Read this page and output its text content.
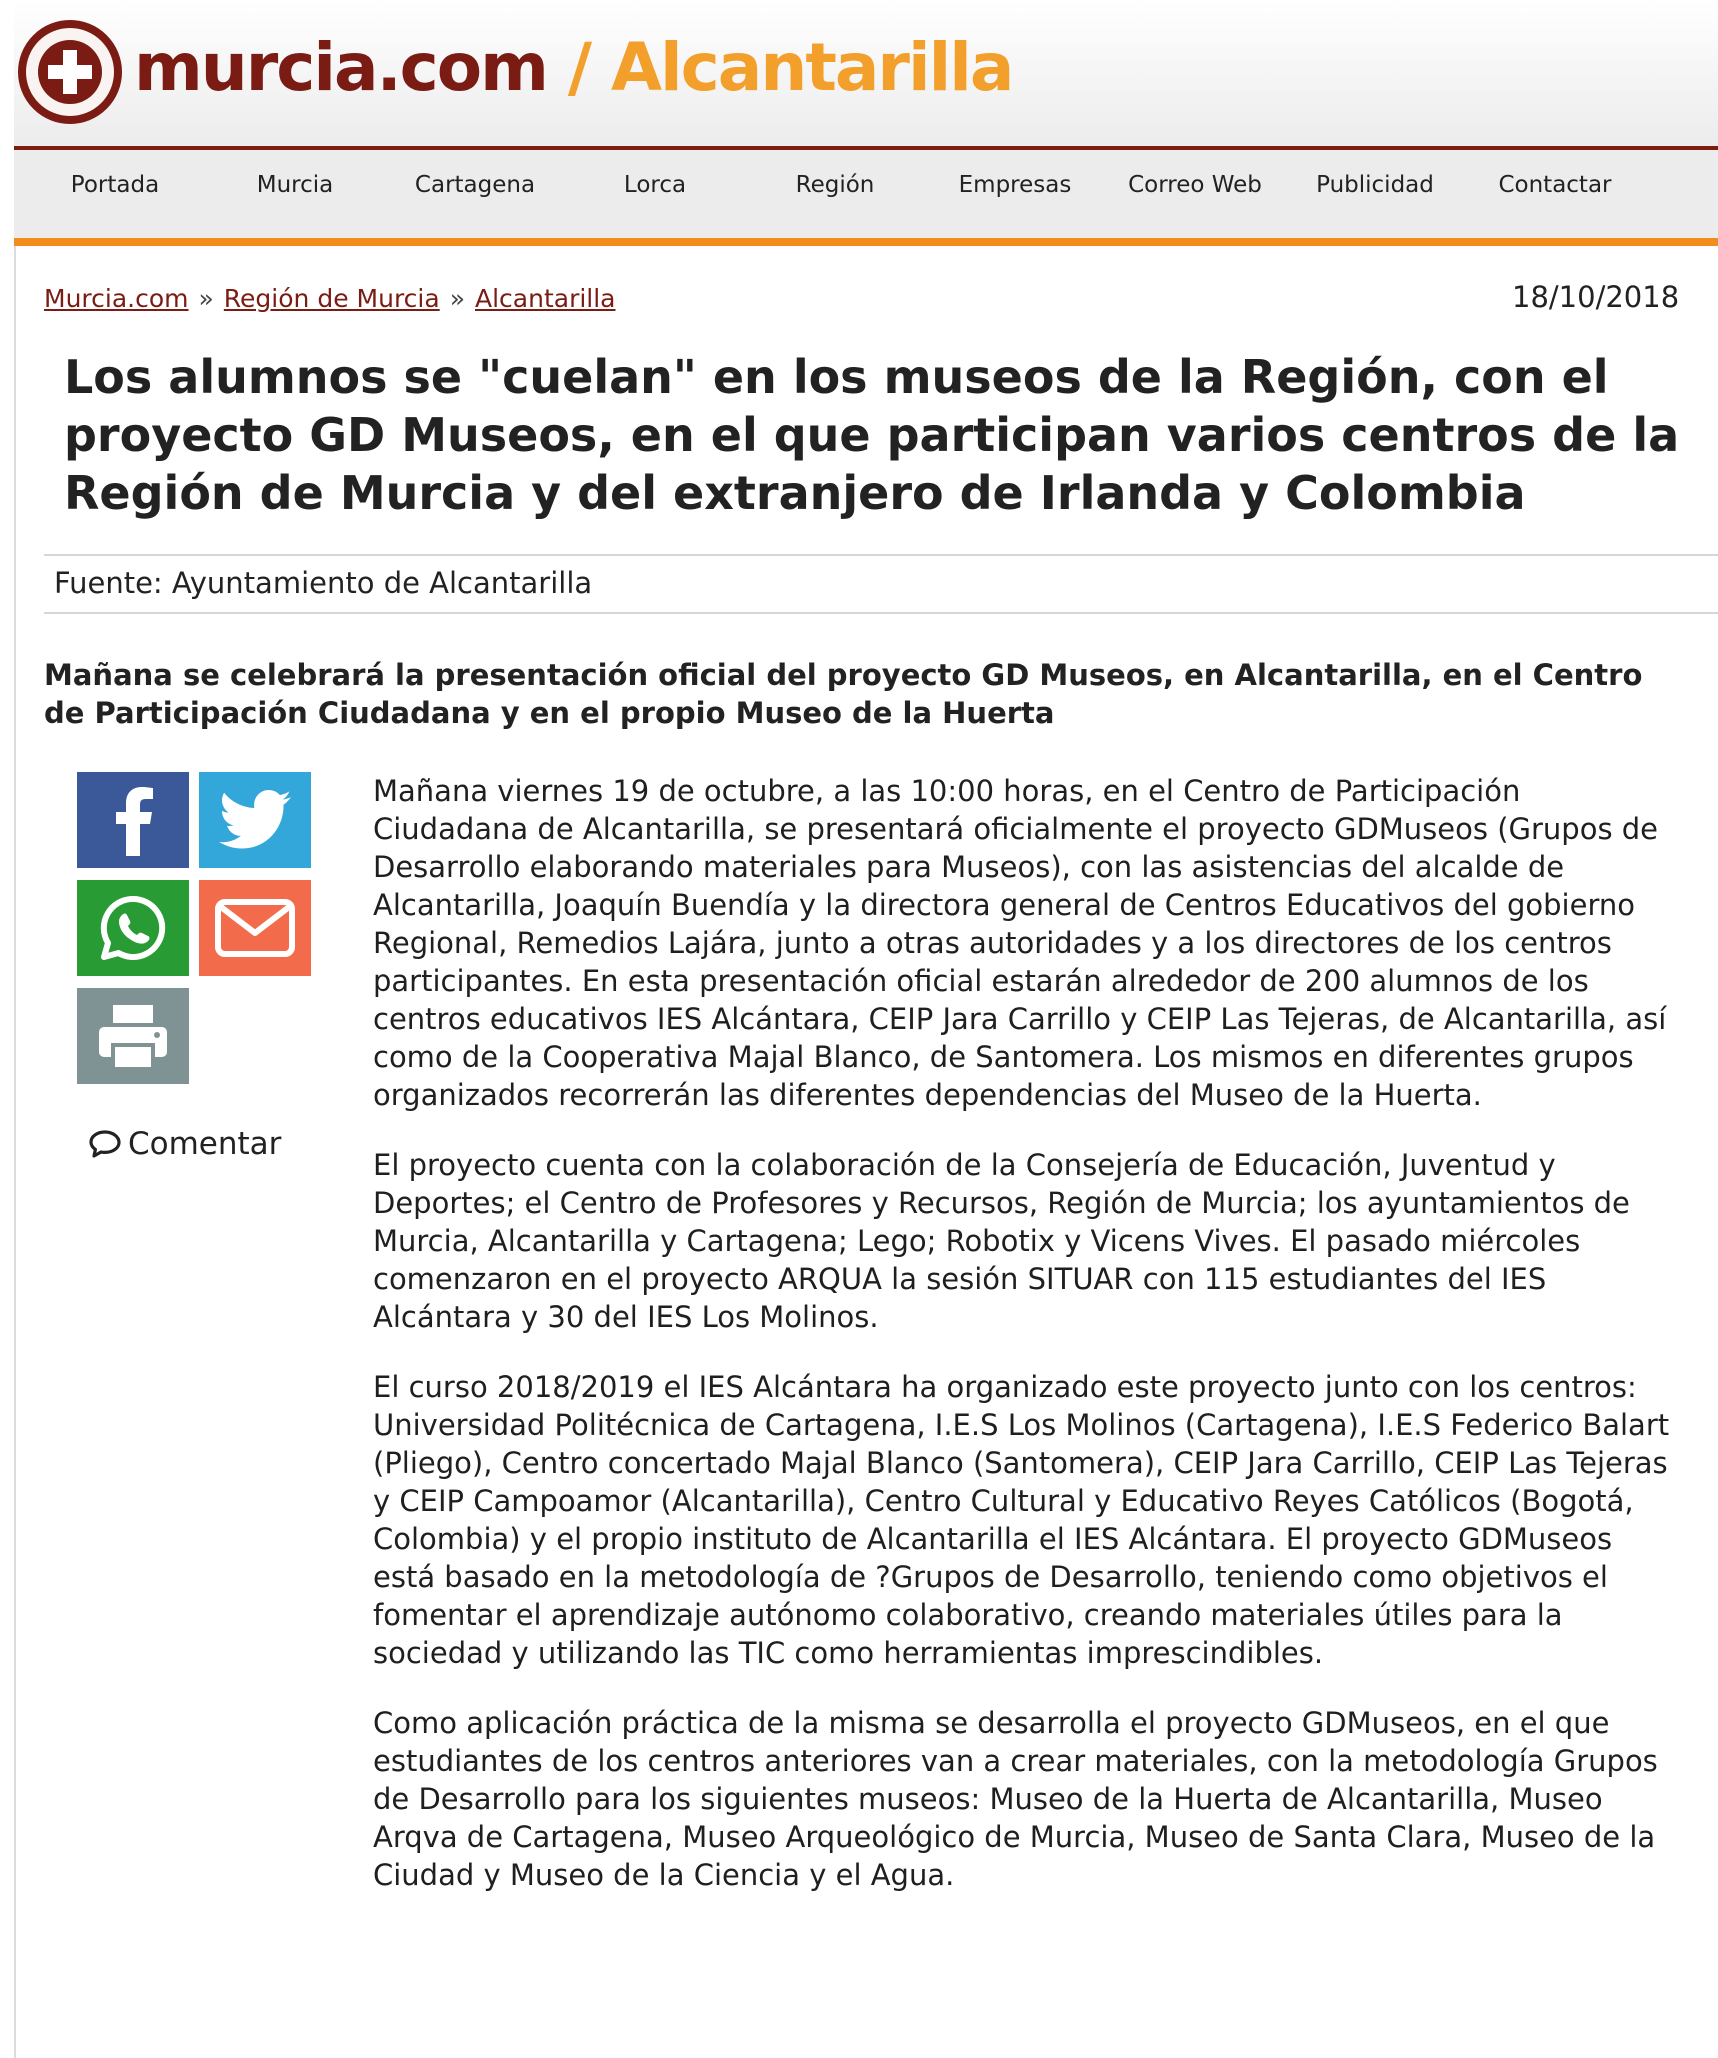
murcia.com / Alcantarilla
Portada	Murcia	Cartagena	Lorca	Región	Empresas	Correo Web	Publicidad	Contactar
Murcia.com » Región de Murcia » Alcantarilla	18/10/2018
Los alumnos se "cuelan" en los museos de la Región, con el
proyecto GD Museos, en el que participan varios centros de la
Región de Murcia y del extranjero de Irlanda y Colombia
Fuente: Ayuntamiento de Alcantarilla
Mañana se celebrará la presentación oficial del proyecto GD Museos, en Alcantarilla, en el Centro de Participación Ciudadana y en el propio Museo de la Huerta
Comentar

Mañana viernes 19 de octubre, a las 10:00 horas, en el Centro de Participación Ciudadana de Alcantarilla, se presentará oficialmente el proyecto GDMuseos (Grupos de Desarrollo elaborando materiales para Museos), con las asistencias del alcalde de Alcantarilla, Joaquín Buendía y la directora general de Centros Educativos del gobierno Regional, Remedios Lajára, junto a otras autoridades y a los directores de los centros participantes. En esta presentación oficial estarán alrededor de 200 alumnos de los centros educativos IES Alcántara, CEIP Jara Carrillo y CEIP Las Tejeras, de Alcantarilla, así como de la Cooperativa Majal Blanco, de Santomera. Los mismos en diferentes grupos organizados recorrerán las diferentes dependencias del Museo de la Huerta.

El proyecto cuenta con la colaboración de la Consejería de Educación, Juventud y Deportes; el Centro de Profesores y Recursos, Región de Murcia; los ayuntamientos de Murcia, Alcantarilla y Cartagena; Lego; Robotix y Vicens Vives. El pasado miércoles comenzaron en el proyecto ARQUA la sesión SITUAR con 115 estudiantes del IES Alcántara y 30 del IES Los Molinos.

El curso 2018/2019 el IES Alcántara ha organizado este proyecto junto con los centros: Universidad Politécnica de Cartagena, I.E.S Los Molinos (Cartagena), I.E.S Federico Balart (Pliego), Centro concertado Majal Blanco (Santomera), CEIP Jara Carrillo, CEIP Las Tejeras y CEIP Campoamor (Alcantarilla), Centro Cultural y Educativo Reyes Católicos (Bogotá, Colombia) y el propio instituto de Alcantarilla el IES Alcántara. El proyecto GDMuseos está basado en la metodología de ?Grupos de Desarrollo, teniendo como objetivos el fomentar el aprendizaje autónomo colaborativo, creando materiales útiles para la sociedad y utilizando las TIC como herramientas imprescindibles.

Como aplicación práctica de la misma se desarrolla el proyecto GDMuseos, en el que estudiantes de los centros anteriores van a crear materiales, con la metodología Grupos de Desarrollo para los siguientes museos: Museo de la Huerta de Alcantarilla, Museo Arqva de Cartagena, Museo Arqueológico de Murcia, Museo de Santa Clara, Museo de la Ciudad y Museo de la Ciencia y el Agua.
